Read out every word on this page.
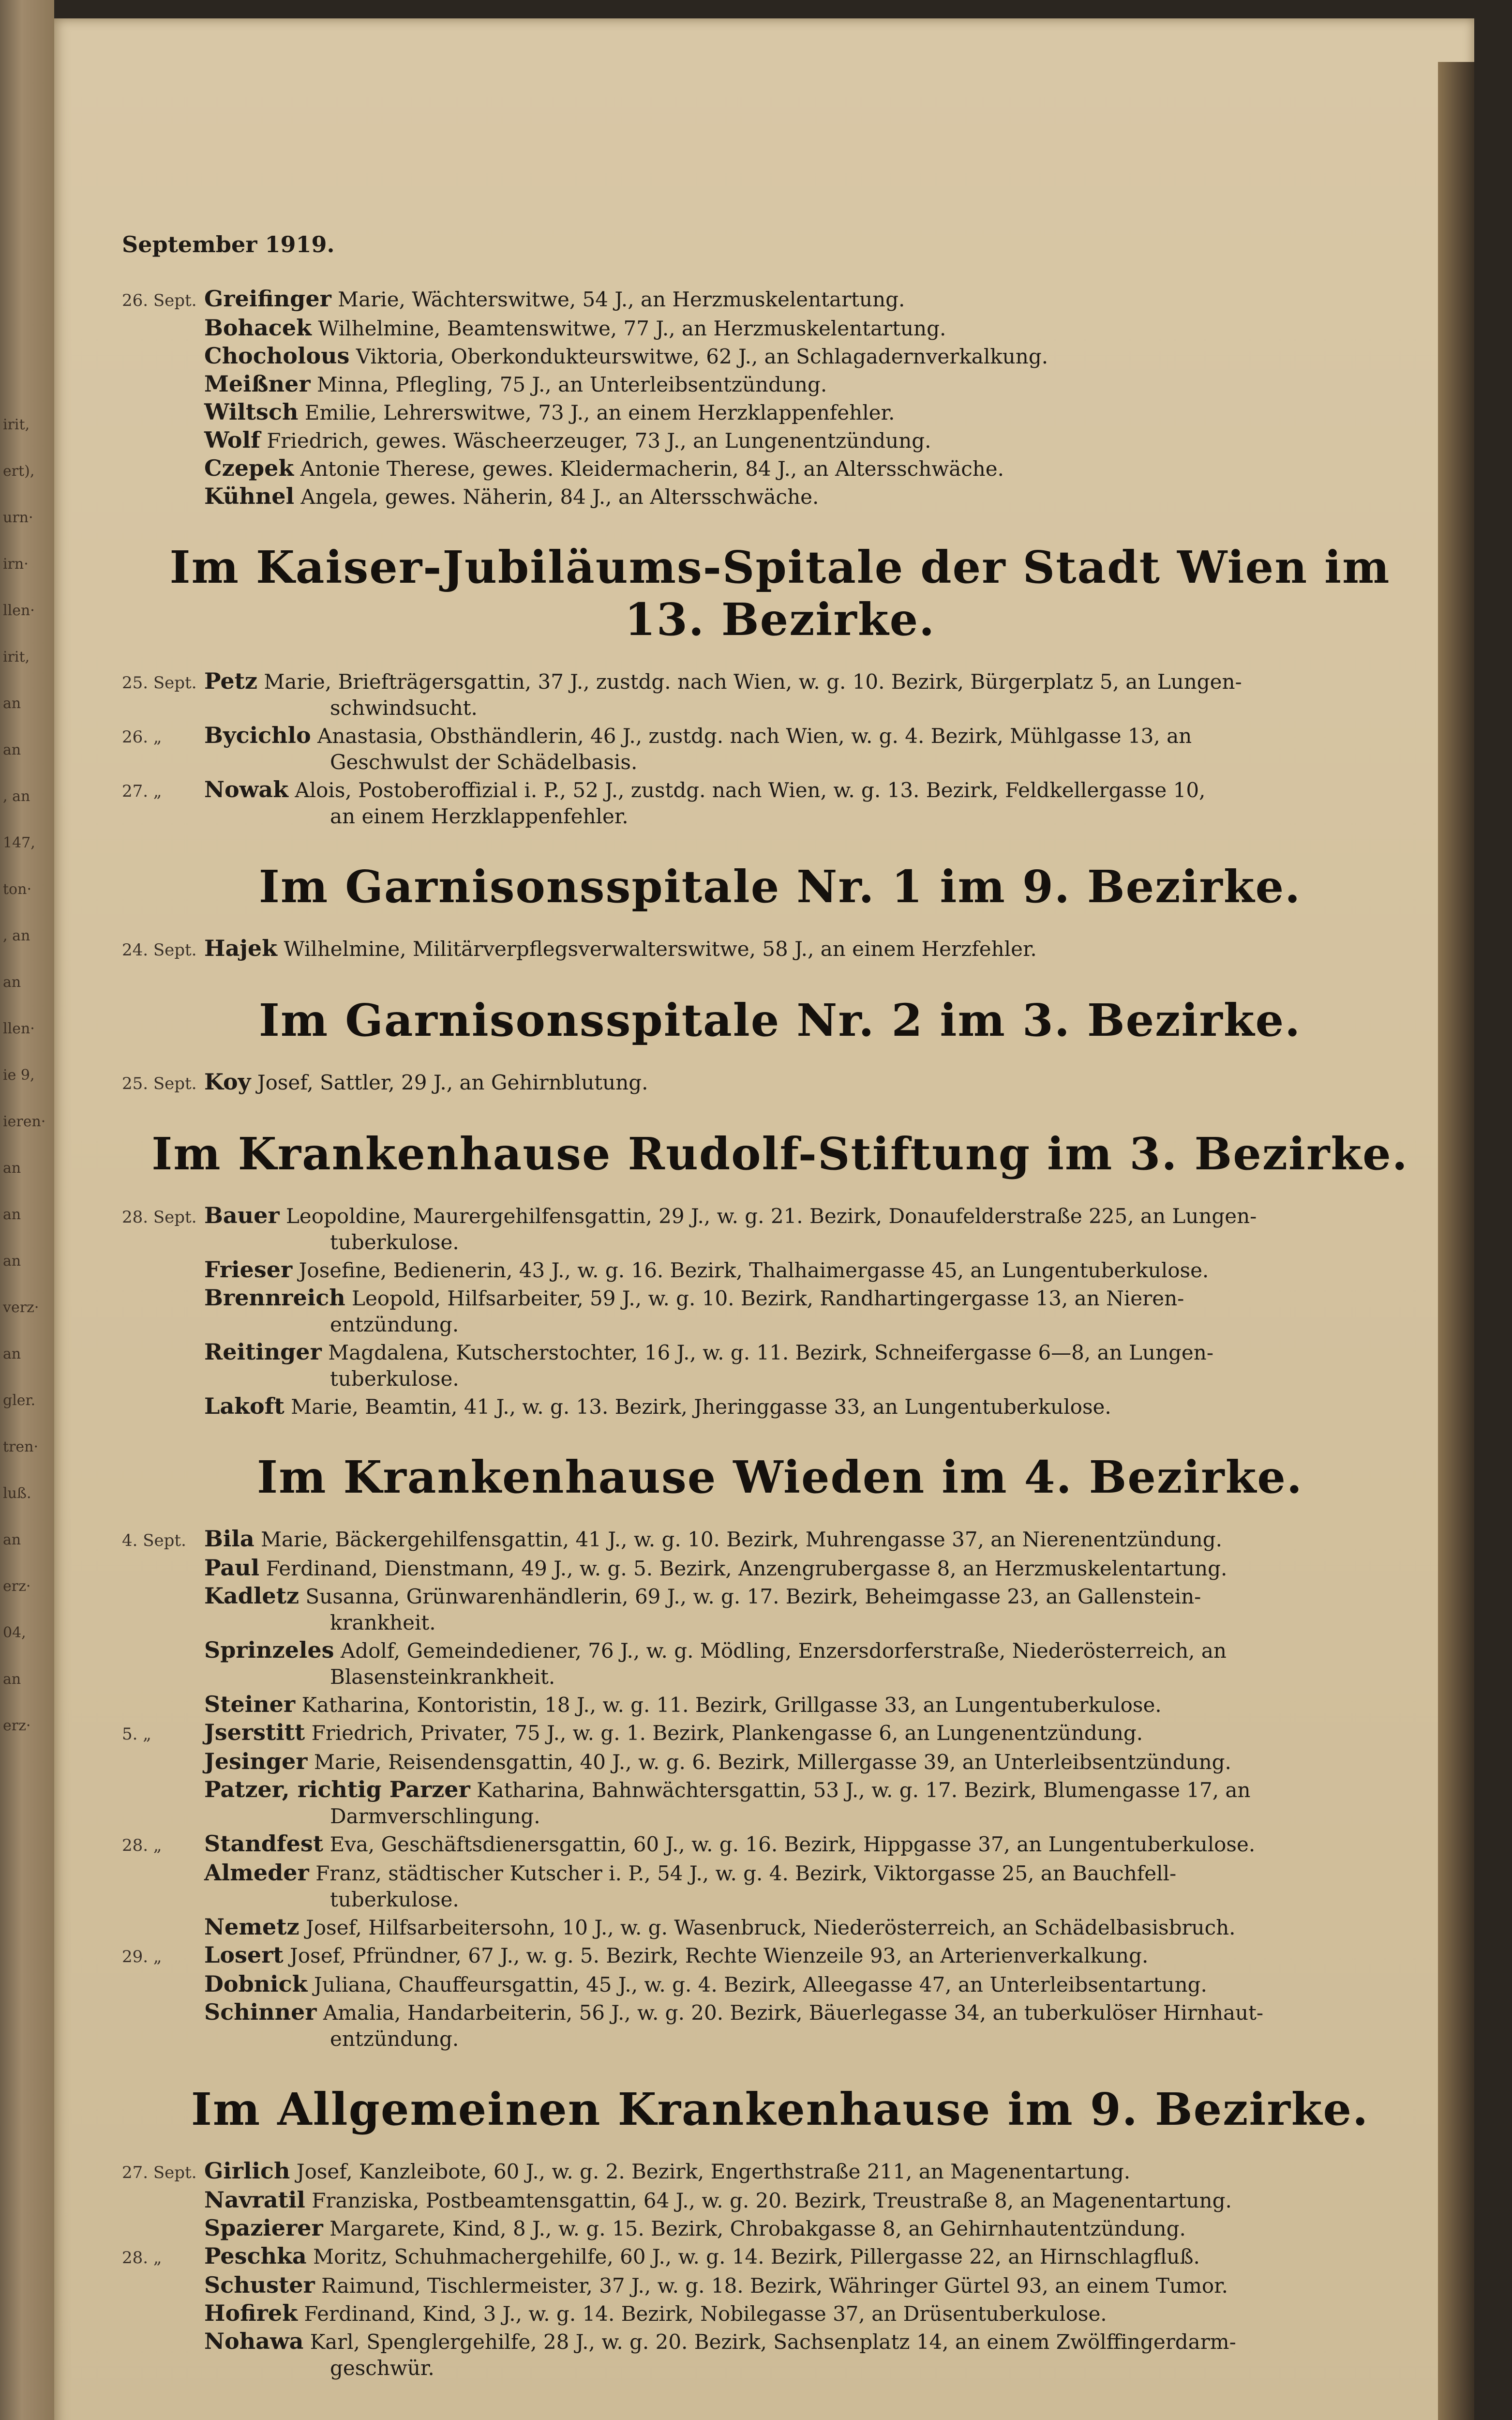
irit,
ert),
urn·
irn·
llen·
irit,
an
an
, an
147,
ton·
, an
an
llen·
ie 9,
ieren·
an
an
an
verz·
an
gler.
tren·
luß.
an
erz·
04,
an
erz·
September 1919.
26. Sept. Greifinger Marie, Wächterswitwe, 54 J., an Herzmuskelentartung.
Bohacek Wilhelmine, Beamtenswitwe, 77 J., an Herzmuskelentartung.
Chocholous Viktoria, Oberkondukteurswitwe, 62 J., an Schlagadernverkalkung.
Meißner Minna, Pflegling, 75 J., an Unterleibsentzündung.
Wiltsch Emilie, Lehrerswitwe, 73 J., an einem Herzklappenfehler.
Wolf Friedrich, gewes. Wäscheerzeuger, 73 J., an Lungenentzündung.
Czepek Antonie Therese, gewes. Kleidermacherin, 84 J., an Altersschwäche.
Kühnel Angela, gewes. Näherin, 84 J., an Altersschwäche.
Im Kaiser-Jubiläums-Spitale der Stadt Wien im 13. Bezirke.
25. Sept. Petz Marie, Briefträgersgattin, 37 J., zustdg. nach Wien, w. g. 10. Bezirk, Bürgerplatz 5, an Lungen-
schwindsucht.
26. „	Bycichlo Anastasia, Obsthändlerin, 46 J., zustdg. nach Wien, w. g. 4. Bezirk, Mühlgasse 13, an
Geschwulst der Schädelbasis.
27. „	Nowak Alois, Postoberoffizial i. P., 52 J., zustdg. nach Wien, w. g. 13. Bezirk, Feldkellergasse 10,
an einem Herzklappenfehler.
Im Garnisonsspitale Nr. 1 im 9. Bezirke.
24. Sept. Hajek Wilhelmine, Militärverpflegsverwalterswitwe, 58 J., an einem Herzfehler.
Im Garnisonsspitale Nr. 2 im 3. Bezirke.
25. Sept. Koy Josef, Sattler, 29 J., an Gehirnblutung.
Im Krankenhause Rudolf-Stiftung im 3. Bezirke.
28. Sept. Bauer Leopoldine, Maurergehilfensgattin, 29 J., w. g. 21. Bezirk, Donaufelderstraße 225, an Lungen-
tuberkulose.
Frieser Josefine, Bedienerin, 43 J., w. g. 16. Bezirk, Thalhaimergasse 45, an Lungentuberkulose.
Brennreich Leopold, Hilfsarbeiter, 59 J., w. g. 10. Bezirk, Randhartingergasse 13, an Nieren-
entzündung.
Reitinger Magdalena, Kutscherstochter, 16 J., w. g. 11. Bezirk, Schneifergasse 6—8, an Lungen-
tuberkulose.
Lakoft Marie, Beamtin, 41 J., w. g. 13. Bezirk, Jheringgasse 33, an Lungentuberkulose.
Im Krankenhause Wieden im 4. Bezirke.
4. Sept. Bila Marie, Bäckergehilfensgattin, 41 J., w. g. 10. Bezirk, Muhrengasse 37, an Nierenentzündung.
Paul Ferdinand, Dienstmann, 49 J., w. g. 5. Bezirk, Anzengrubergasse 8, an Herzmuskelentartung.
Kadletz Susanna, Grünwarenhändlerin, 69 J., w. g. 17. Bezirk, Beheimgasse 23, an Gallenstein-
krankheit.
Sprinzeles Adolf, Gemeindediener, 76 J., w. g. Mödling, Enzersdorferstraße, Niederösterreich, an
Blasensteinkrankheit.
Steiner Katharina, Kontoristin, 18 J., w. g. 11. Bezirk, Grillgasse 33, an Lungentuberkulose.
5. „	Jserstitt Friedrich, Privater, 75 J., w. g. 1. Bezirk, Plankengasse 6, an Lungenentzündung.
Jesinger Marie, Reisendensgattin, 40 J., w. g. 6. Bezirk, Millergasse 39, an Unterleibsentzündung.
Patzer, richtig Parzer Katharina, Bahnwächtersgattin, 53 J., w. g. 17. Bezirk, Blumengasse 17, an
Darmverschlingung.
28. „	Standfest Eva, Geschäftsdienersgattin, 60 J., w. g. 16. Bezirk, Hippgasse 37, an Lungentuberkulose.
Almeder Franz, städtischer Kutscher i. P., 54 J., w. g. 4. Bezirk, Viktorgasse 25, an Bauchfell-
tuberkulose.
Nemetz Josef, Hilfsarbeitersohn, 10 J., w. g. Wasenbruck, Niederösterreich, an Schädelbasisbruch.
29. „	Losert Josef, Pfründner, 67 J., w. g. 5. Bezirk, Rechte Wienzeile 93, an Arterienverkalkung.
Dobnick Juliana, Chauffeursgattin, 45 J., w. g. 4. Bezirk, Alleegasse 47, an Unterleibsentartung.
Schinner Amalia, Handarbeiterin, 56 J., w. g. 20. Bezirk, Bäuerlegasse 34, an tuberkulöser Hirnhaut-
entzündung.
Im Allgemeinen Krankenhause im 9. Bezirke.
27. Sept. Girlich Josef, Kanzleibote, 60 J., w. g. 2. Bezirk, Engerthstraße 211, an Magenentartung.
Navratil Franziska, Postbeamtensgattin, 64 J., w. g. 20. Bezirk, Treustraße 8, an Magenentartung.
Spazierer Margarete, Kind, 8 J., w. g. 15. Bezirk, Chrobakgasse 8, an Gehirnhautentzündung.
28. „	Peschka Moritz, Schuhmachergehilfe, 60 J., w. g. 14. Bezirk, Pillergasse 22, an Hirnschlagfluß.
Schuster Raimund, Tischlermeister, 37 J., w. g. 18. Bezirk, Währinger Gürtel 93, an einem Tumor.
Hofirek Ferdinand, Kind, 3 J., w. g. 14. Bezirk, Nobilegasse 37, an Drüsentuberkulose.
Nohawa Karl, Spenglergehilfe, 28 J., w. g. 20. Bezirk, Sachsenplatz 14, an einem Zwölffingerdarm-
geschwür.
